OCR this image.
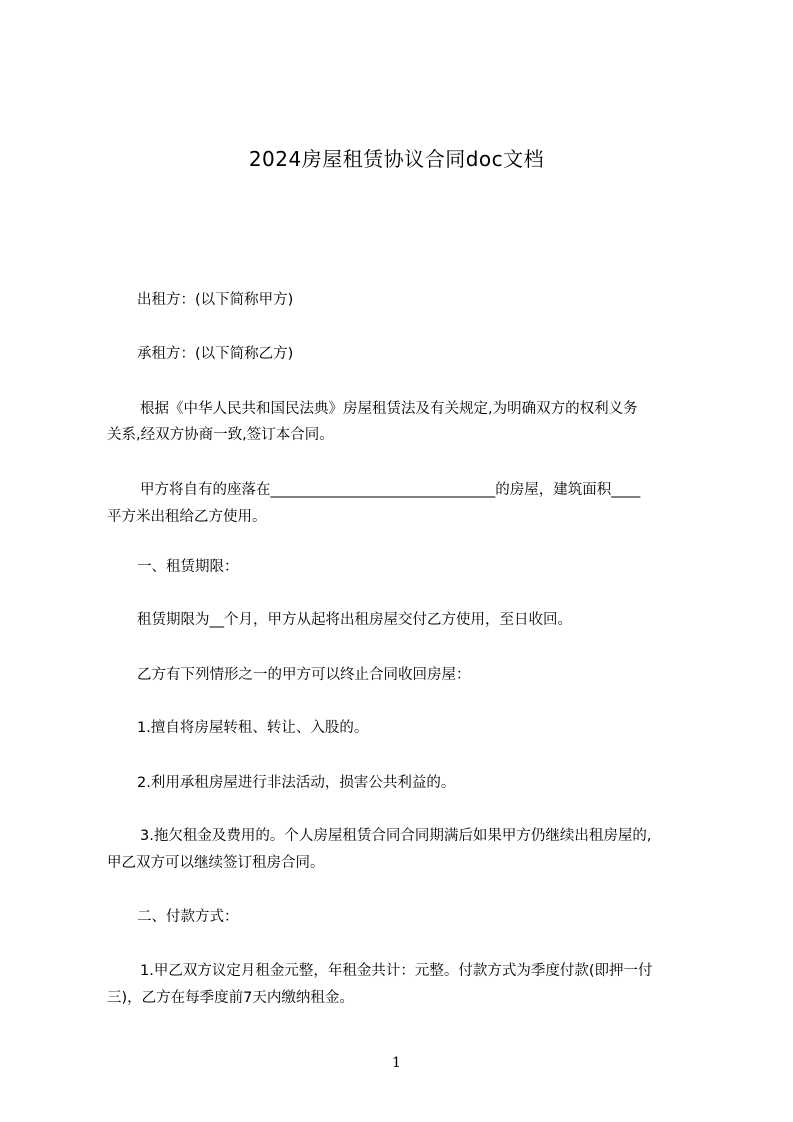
2024房屋租赁协议合同doc文档
出租方：(以下简称甲方)
承租方：(以下简称乙方)
根据《中华人民共和国民法典》房屋租赁法及有关规定,为明确双方的权利义务
关系,经双方协商一致,签订本合同。
甲方将自有的座落在_______________________________的房屋，建筑面积____
平方米出租给乙方使用。
一、租赁期限：
租赁期限为__个月，甲方从起将出租房屋交付乙方使用，至日收回。
乙方有下列情形之一的甲方可以终止合同收回房屋：
1.擅自将房屋转租、转让、入股的。
2.利用承租房屋进行非法活动，损害公共利益的。
3.拖欠租金及费用的。个人房屋租赁合同合同期满后如果甲方仍继续出租房屋的,
甲乙双方可以继续签订租房合同。
二、付款方式：
1.甲乙双方议定月租金元整，年租金共计：元整。付款方式为季度付款(即押一付
三)，乙方在每季度前7天内缴纳租金。
1
